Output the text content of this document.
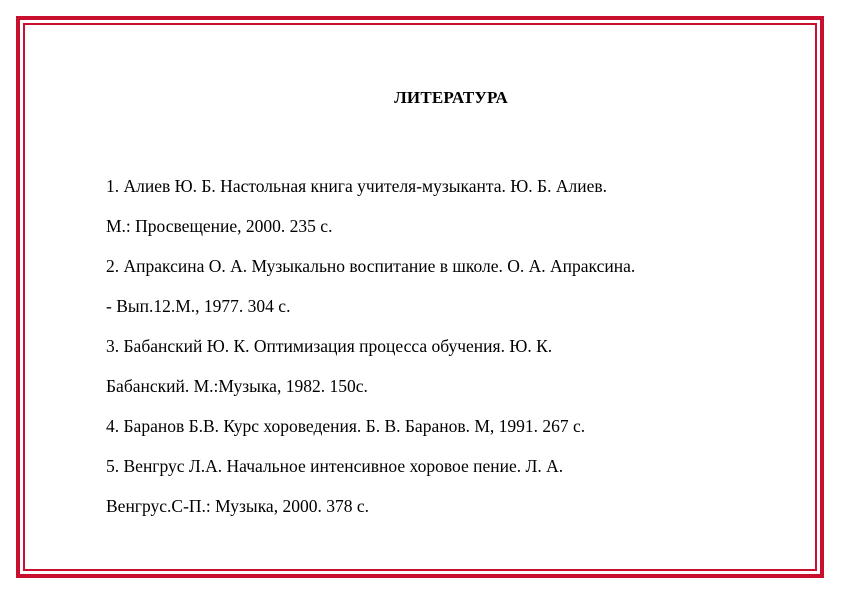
ЛИТЕРАТУРА
1. Алиев Ю. Б. Настольная книга учителя-музыканта. Ю. Б. Алиев.
М.: Просвещение, 2000. 235 с.
2. Апраксина О. А. Музыкально воспитание в школе. О. А. Апраксина.
- Вып.12.М., 1977. 304 с.
3. Бабанский Ю. К. Оптимизация процесса обучения. Ю. К.
Бабанский. М.:Музыка, 1982. 150с.
4. Баранов Б.В. Курс хороведения. Б. В. Баранов. М, 1991. 267 с.
5. Венгрус Л.А. Начальное интенсивное хоровое пение. Л. А.
Венгрус.С-П.: Музыка, 2000. 378 с.
